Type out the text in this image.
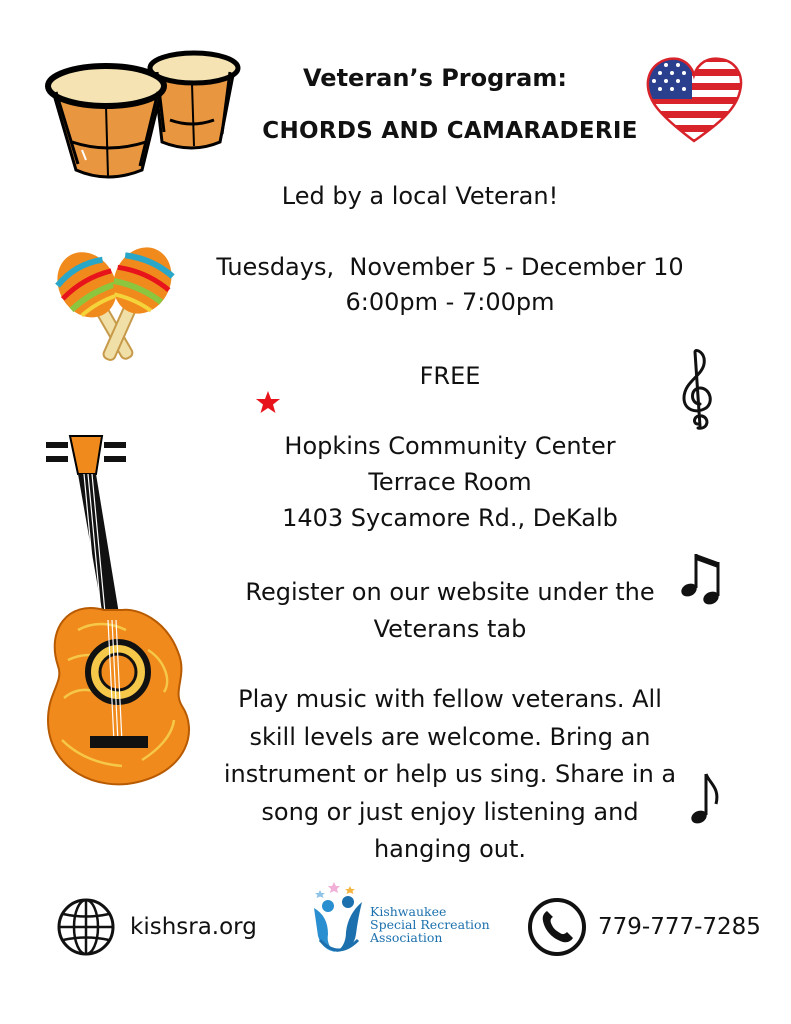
Veteran’s Program:
CHORDS AND CAMARADERIE
Led by a local Veteran!
Tuesdays,  November 5 - December 10
6:00pm - 7:00pm
FREE
Hopkins Community Center
Terrace Room
1403 Sycamore Rd., DeKalb
Register on our website under the
Veterans tab
Play music with fellow veterans. All
skill levels are welcome. Bring an
instrument or help us sing. Share in a
song or just enjoy listening and
hanging out.
kishsra.org
Kishwaukee
Special Recreation
Association	779-777-7285
